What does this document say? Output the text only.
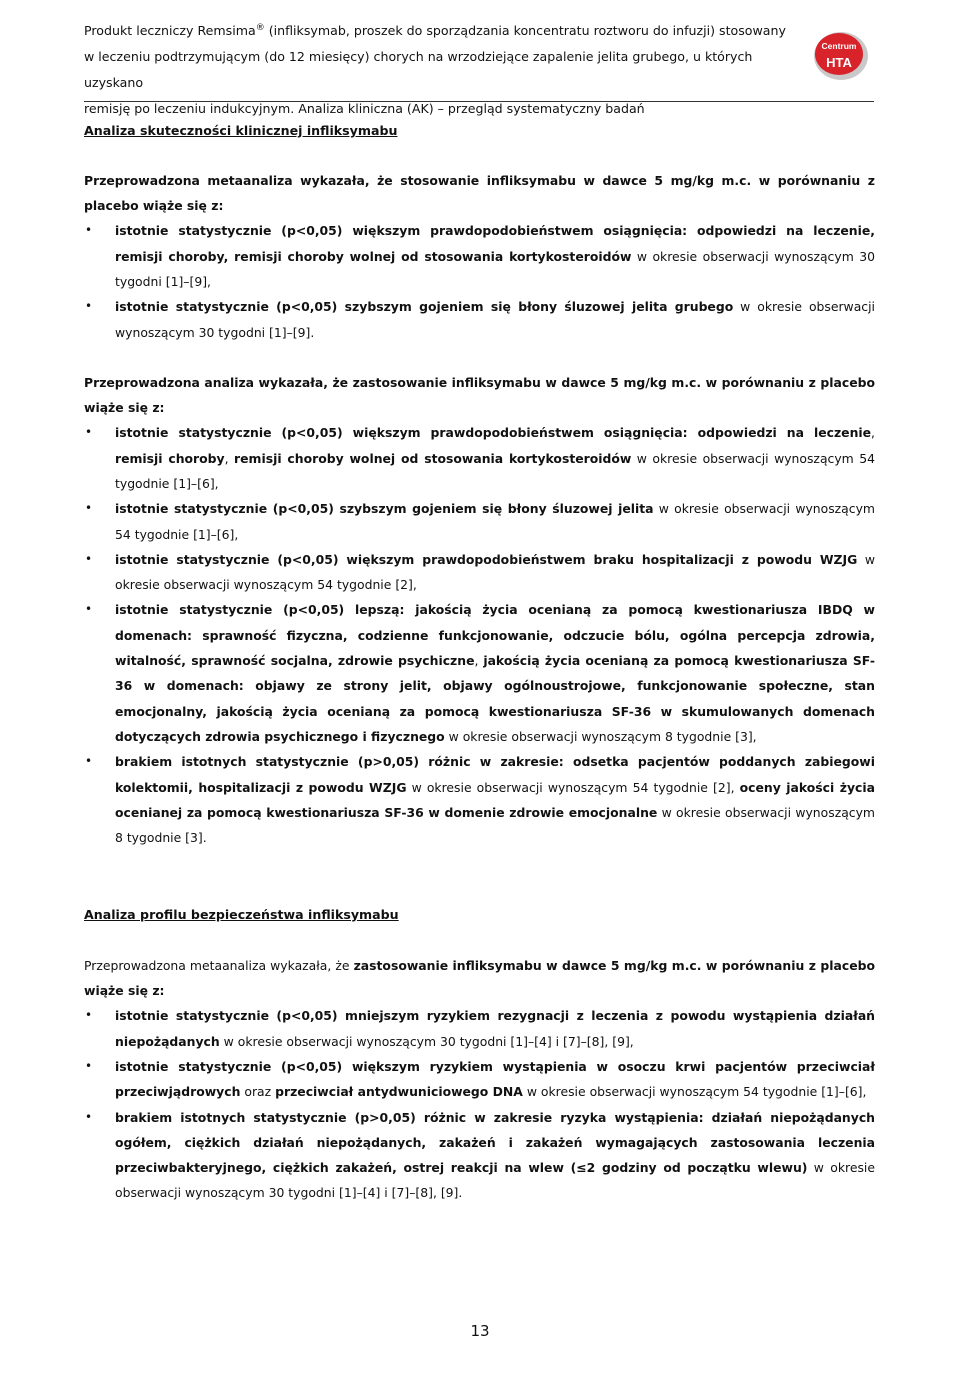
Produkt leczniczy Remsima® (infliksymab, proszek do sporządzania koncentratu roztworu do infuzji) stosowany
w leczeniu podtrzymującym (do 12 miesięcy) chorych na wrzodziejące zapalenie jelita grubego, u których uzyskano
remisję po leczeniu indukcyjnym. Analiza kliniczna (AK) – przegląd systematyczny badań
Centrum
HTA
Analiza skuteczności klinicznej infliksymabu

Przeprowadzona metaanaliza wykazała, że stosowanie infliksymabu w dawce 5 mg/kg m.c. w porównaniu z placebo wiąże się z:

• istotnie statystycznie (p<0,05) większym prawdopodobieństwem osiągnięcia: odpowiedzi na leczenie, remisji choroby, remisji choroby wolnej od stosowania kortykosteroidów w okresie obserwacji wynoszącym 30 tygodni [1]–[9],
• istotnie statystycznie (p<0,05) szybszym gojeniem się błony śluzowej jelita grubego w okresie obserwacji wynoszącym 30 tygodni [1]–[9].

Przeprowadzona analiza wykazała, że zastosowanie infliksymabu w dawce 5 mg/kg m.c. w porównaniu z placebo wiąże się z:

• istotnie statystycznie (p<0,05) większym prawdopodobieństwem osiągnięcia: odpowiedzi na leczenie, remisji choroby, remisji choroby wolnej od stosowania kortykosteroidów w okresie obserwacji wynoszącym 54 tygodnie [1]–[6],
• istotnie statystycznie (p<0,05) szybszym gojeniem się błony śluzowej jelita w okresie obserwacji wynoszącym 54 tygodnie [1]–[6],
• istotnie statystycznie (p<0,05) większym prawdopodobieństwem braku hospitalizacji z powodu WZJG w okresie obserwacji wynoszącym 54 tygodnie [2],
• istotnie statystycznie (p<0,05) lepszą: jakością życia ocenianą za pomocą kwestionariusza IBDQ w domenach: sprawność fizyczna, codzienne funkcjonowanie, odczucie bólu, ogólna percepcja zdrowia, witalność, sprawność socjalna, zdrowie psychiczne, jakością życia ocenianą za pomocą kwestionariusza SF-36 w domenach: objawy ze strony jelit, objawy ogólnoustrojowe, funkcjonowanie społeczne, stan emocjonalny, jakością życia ocenianą za pomocą kwestionariusza SF-36 w skumulowanych domenach dotyczących zdrowia psychicznego i fizycznego w okresie obserwacji wynoszącym 8 tygodnie [3],
• brakiem istotnych statystycznie (p>0,05) różnic w zakresie: odsetka pacjentów poddanych zabiegowi kolektomii, hospitalizacji z powodu WZJG w okresie obserwacji wynoszącym 54 tygodnie [2], oceny jakości życia ocenianej za pomocą kwestionariusza SF-36 w domenie zdrowie emocjonalne w okresie obserwacji wynoszącym 8 tygodnie [3].
Analiza profilu bezpieczeństwa infliksymabu

Przeprowadzona metaanaliza wykazała, że zastosowanie infliksymabu w dawce 5 mg/kg m.c. w porównaniu z placebo wiąże się z:

• istotnie statystycznie (p<0,05) mniejszym ryzykiem rezygnacji z leczenia z powodu wystąpienia działań niepożądanych w okresie obserwacji wynoszącym 30 tygodni [1]–[4] i [7]–[8], [9],
• istotnie statystycznie (p<0,05) większym ryzykiem wystąpienia w osoczu krwi pacjentów przeciwciał przeciwjądrowych oraz przeciwciał antydwuniciowego DNA w okresie obserwacji wynoszącym 54 tygodnie [1]–[6],
• brakiem istotnych statystycznie (p>0,05) różnic w zakresie ryzyka wystąpienia: działań niepożądanych ogółem, ciężkich działań niepożądanych, zakażeń i zakażeń wymagających zastosowania leczenia przeciwbakteryjnego, ciężkich zakażeń, ostrej reakcji na wlew (≤2 godziny od początku wlewu) w okresie obserwacji wynoszącym 30 tygodni [1]–[4] i [7]–[8], [9].
13
